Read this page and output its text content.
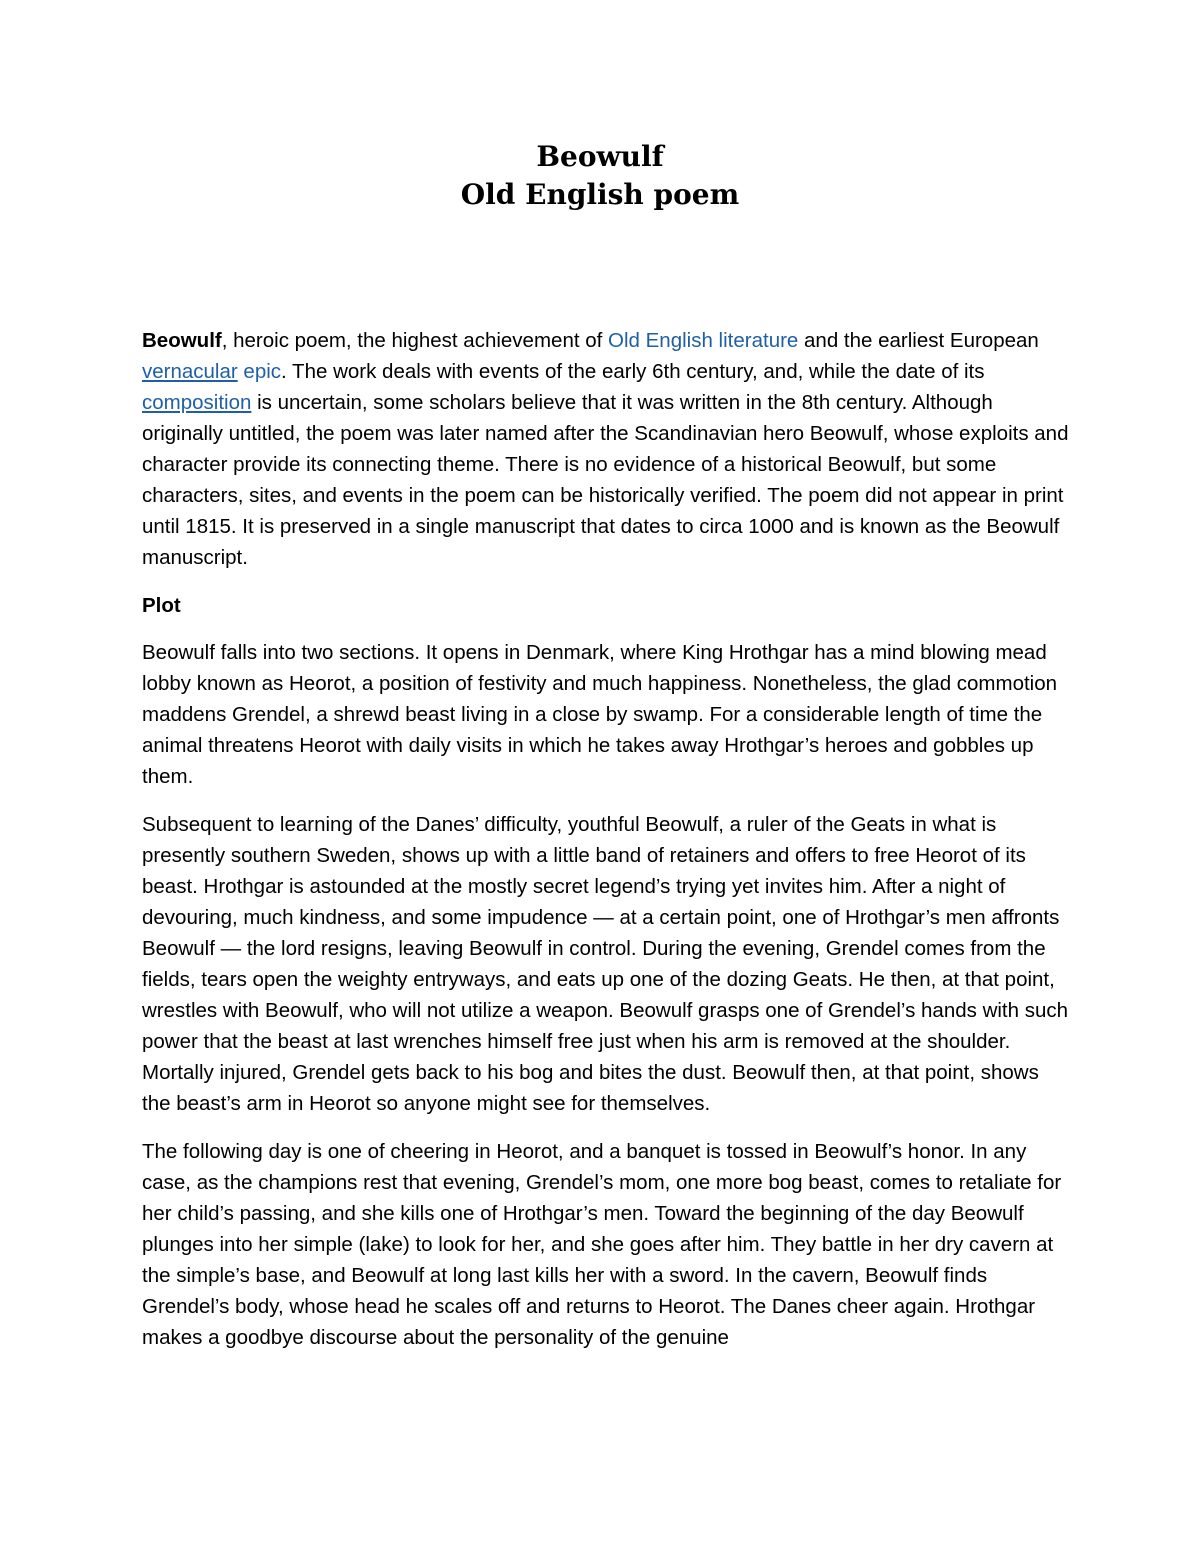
Beowulf
Old English poem

Beowulf, heroic poem, the highest achievement of Old English literature and the earliest European vernacular epic. The work deals with events of the early 6th century, and, while the date of its composition is uncertain, some scholars believe that it was written in the 8th century. Although originally untitled, the poem was later named after the Scandinavian hero Beowulf, whose exploits and character provide its connecting theme. There is no evidence of a historical Beowulf, but some characters, sites, and events in the poem can be historically verified. The poem did not appear in print until 1815. It is preserved in a single manuscript that dates to circa 1000 and is known as the Beowulf manuscript.

Plot

Beowulf falls into two sections. It opens in Denmark, where King Hrothgar has a mind blowing mead lobby known as Heorot, a position of festivity and much happiness. Nonetheless, the glad commotion maddens Grendel, a shrewd beast living in a close by swamp. For a considerable length of time the animal threatens Heorot with daily visits in which he takes away Hrothgar’s heroes and gobbles up them.

Subsequent to learning of the Danes’ difficulty, youthful Beowulf, a ruler of the Geats in what is presently southern Sweden, shows up with a little band of retainers and offers to free Heorot of its beast. Hrothgar is astounded at the mostly secret legend’s trying yet invites him. After a night of devouring, much kindness, and some impudence — at a certain point, one of Hrothgar’s men affronts Beowulf — the lord resigns, leaving Beowulf in control. During the evening, Grendel comes from the fields, tears open the weighty entryways, and eats up one of the dozing Geats. He then, at that point, wrestles with Beowulf, who will not utilize a weapon. Beowulf grasps one of Grendel’s hands with such power that the beast at last wrenches himself free just when his arm is removed at the shoulder. Mortally injured, Grendel gets back to his bog and bites the dust. Beowulf then, at that point, shows the beast’s arm in Heorot so anyone might see for themselves.

The following day is one of cheering in Heorot, and a banquet is tossed in Beowulf’s honor. In any case, as the champions rest that evening, Grendel’s mom, one more bog beast, comes to retaliate for her child’s passing, and she kills one of Hrothgar’s men. Toward the beginning of the day Beowulf plunges into her simple (lake) to look for her, and she goes after him. They battle in her dry cavern at the simple’s base, and Beowulf at long last kills her with a sword. In the cavern, Beowulf finds Grendel’s body, whose head he scales off and returns to Heorot. The Danes cheer again. Hrothgar makes a goodbye discourse about the personality of the genuine
